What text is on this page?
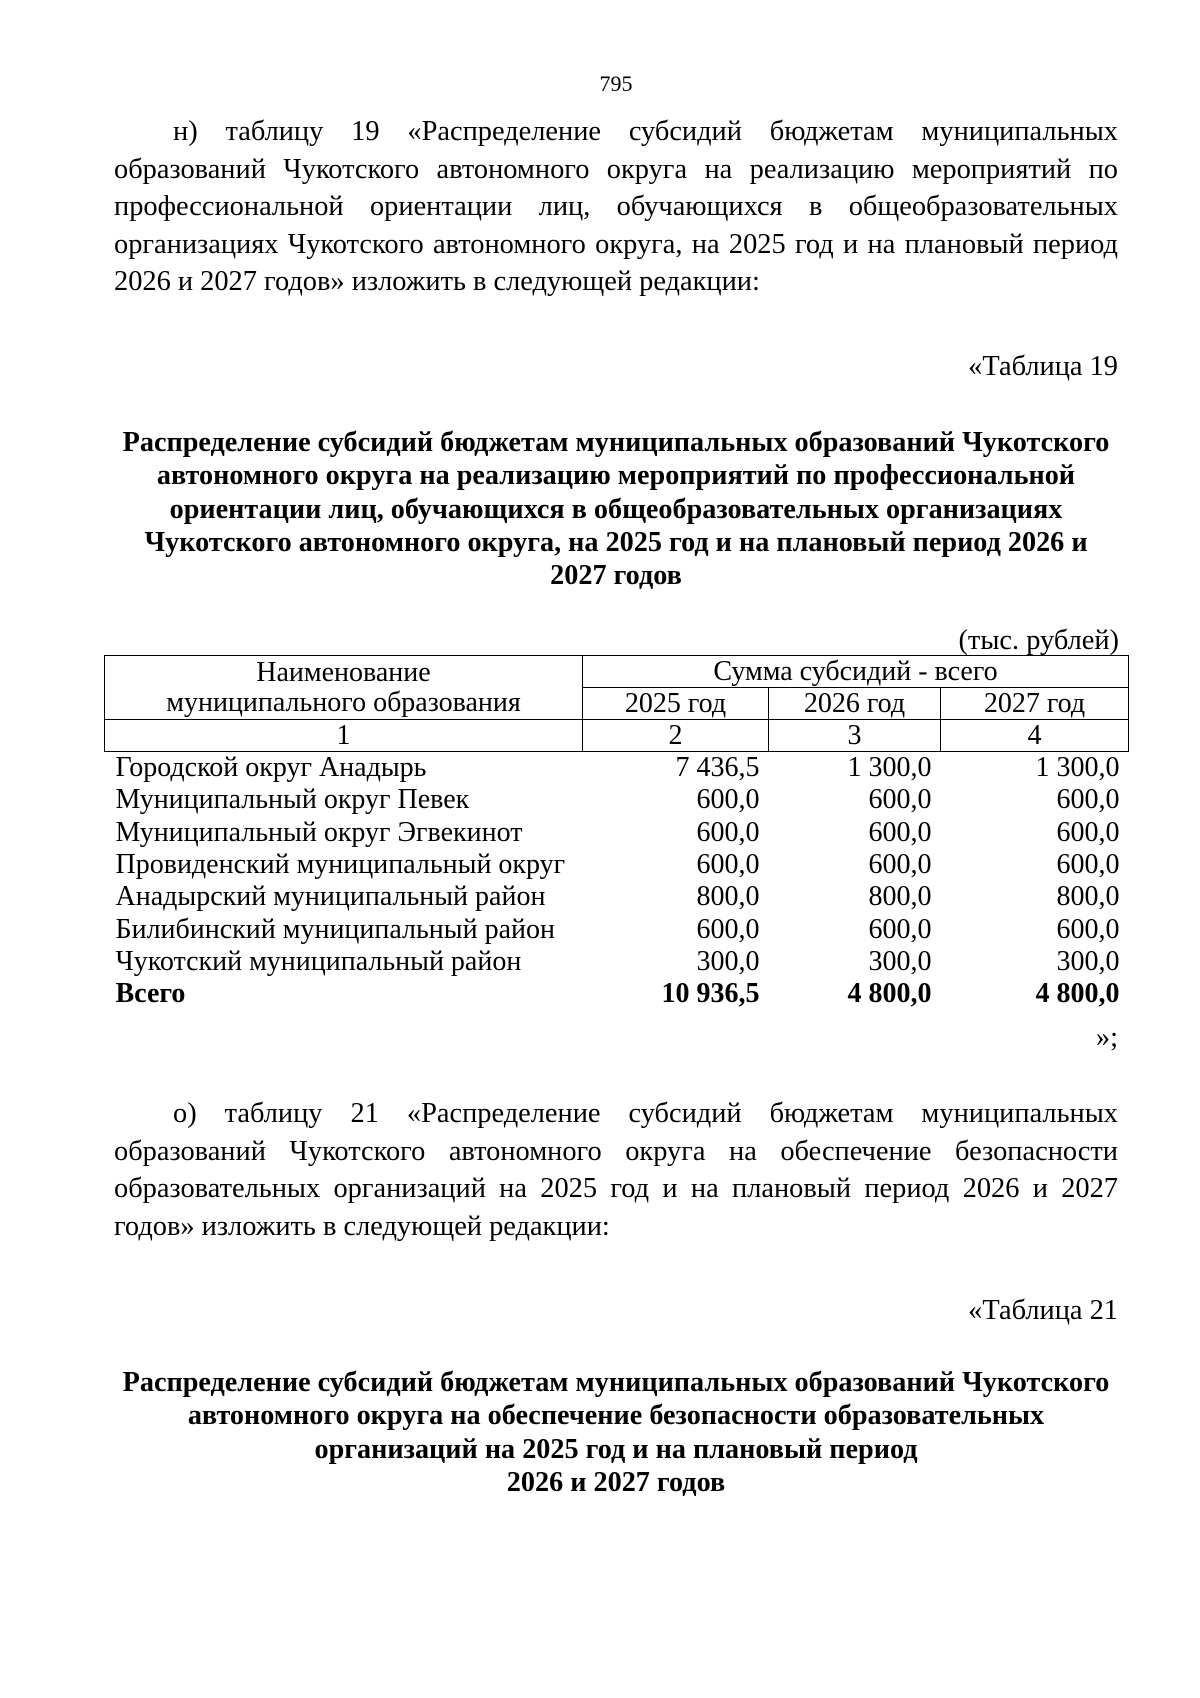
795

н) таблицу 19 «Распределение субсидий бюджетам муниципальных образований Чукотского автономного округа на реализацию мероприятий по профессиональной ориентации лиц, обучающихся в общеобразовательных организациях Чукотского автономного округа, на 2025 год и на плановый период 2026 и 2027 годов» изложить в следующей редакции:

«Таблица 19
Распределение субсидий бюджетам муниципальных образований Чукотского
автономного округа на реализацию мероприятий по профессиональной
ориентации лиц, обучающихся в общеобразовательных организациях
Чукотского автономного округа, на 2025 год и на плановый период 2026 и
2027 годов
(тыс. рублей)
Наименование
муниципального образования	Сумма субсидий - всего		
	2025 год	2026 год	2027 год
1	2	3	4
Городской округ Анадырь	7 436,5	1 300,0	1 300,0
Муниципальный округ Певек	600,0	600,0	600,0
Муниципальный округ Эгвекинот	600,0	600,0	600,0
Провиденский муниципальный округ	600,0	600,0	600,0
Анадырский муниципальный район	800,0	800,0	800,0
Билибинский муниципальный район	600,0	600,0	600,0
Чукотский муниципальный район	300,0	300,0	300,0
Всего	10 936,5	4 800,0	4 800,0
»;

о) таблицу 21 «Распределение субсидий бюджетам муниципальных образований Чукотского автономного округа на обеспечение безопасности образовательных организаций на 2025 год и на плановый период 2026 и 2027 годов» изложить в следующей редакции:

«Таблица 21
Распределение субсидий бюджетам муниципальных образований Чукотского
автономного округа на обеспечение безопасности образовательных
организаций на 2025 год и на плановый период
2026 и 2027 годов
